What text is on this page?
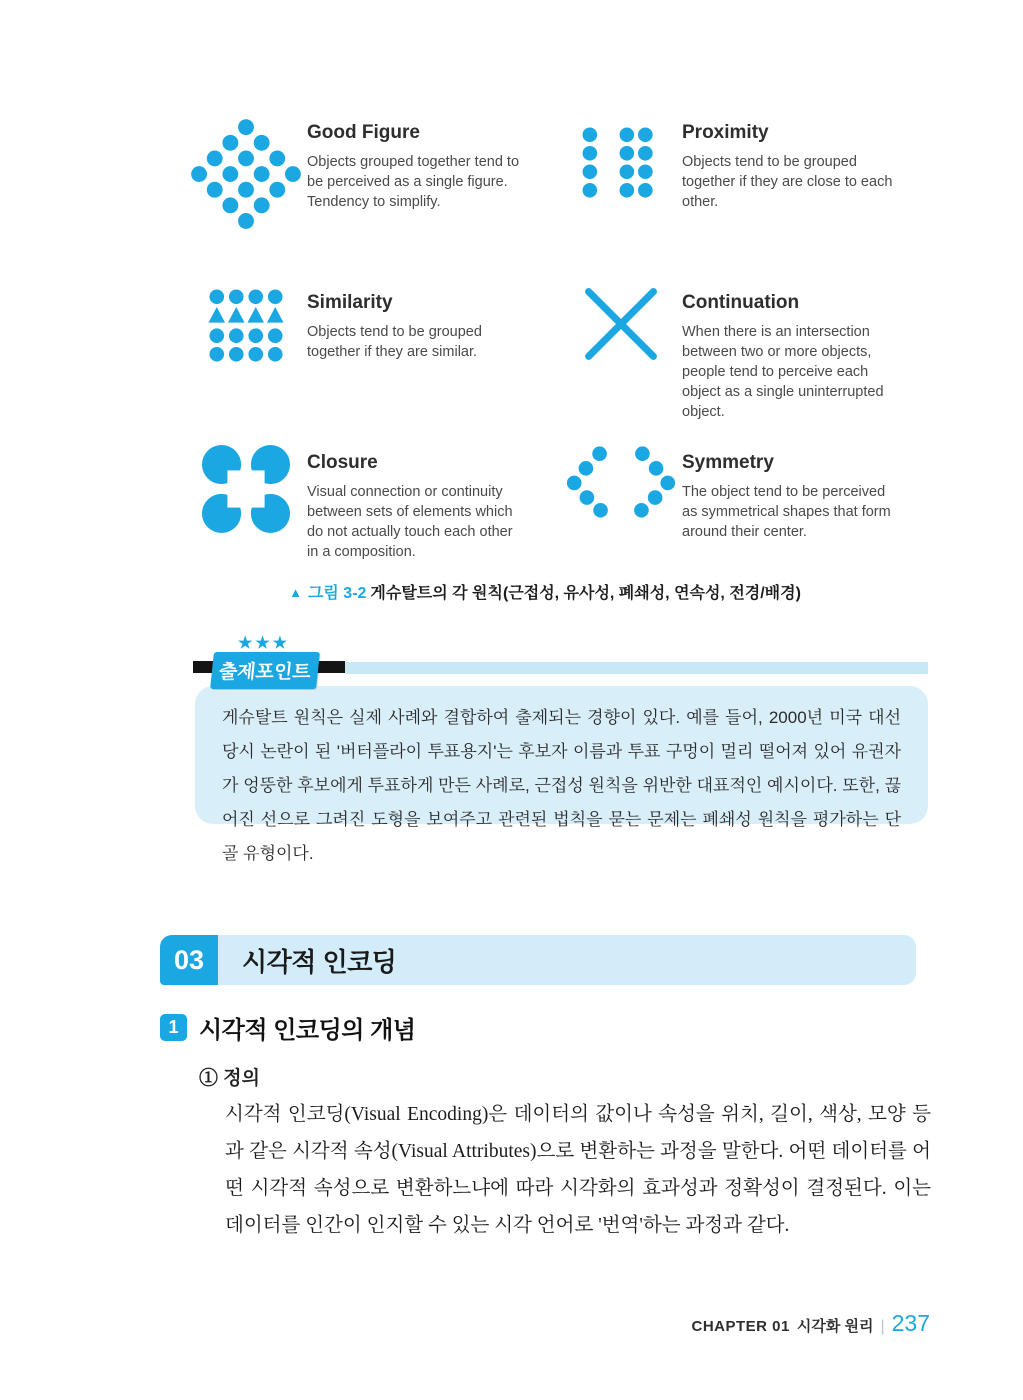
Good Figure
Objects grouped together tend to be perceived as a single figure. Tendency to simplify.
Proximity
Objects tend to be grouped together if they are close to each other.
Similarity
Objects tend to be grouped together if they are similar.
Continuation
When there is an intersection between two or more objects, people tend to perceive each object as a single uninterrupted object.
Closure
Visual connection or continuity between sets of elements which do not actually touch each other in a composition.
Symmetry
The object tend to be perceived as symmetrical shapes that form around their center.
▲ 그림 3-2 게슈탈트의 각 원칙(근접성, 유사성, 폐쇄성, 연속성, 전경/배경)
★★★
출제포인트
게슈탈트 원칙은 실제 사례와 결합하여 출제되는 경향이 있다. 예를 들어, 2000년 미국 대선 당시 논란이 된 '버터플라이 투표용지'는 후보자 이름과 투표 구멍이 멀리 떨어져 있어 유권자가 엉뚱한 후보에게 투표하게 만든 사례로, 근접성 원칙을 위반한 대표적인 예시이다. 또한, 끊어진 선으로 그려진 도형을 보여주고 관련된 법칙을 묻는 문제는 폐쇄성 원칙을 평가하는 단골 유형이다.
03	시각적 인코딩
1 시각적 인코딩의 개념
① 정의
시각적 인코딩(Visual Encoding)은 데이터의 값이나 속성을 위치, 길이, 색상, 모양 등과 같은 시각적 속성(Visual Attributes)으로 변환하는 과정을 말한다. 어떤 데이터를 어떤 시각적 속성으로 변환하느냐에 따라 시각화의 효과성과 정확성이 결정된다. 이는 데이터를 인간이 인지할 수 있는 시각 언어로 '번역'하는 과정과 같다.
CHAPTER 01 시각화 원리 | 237
